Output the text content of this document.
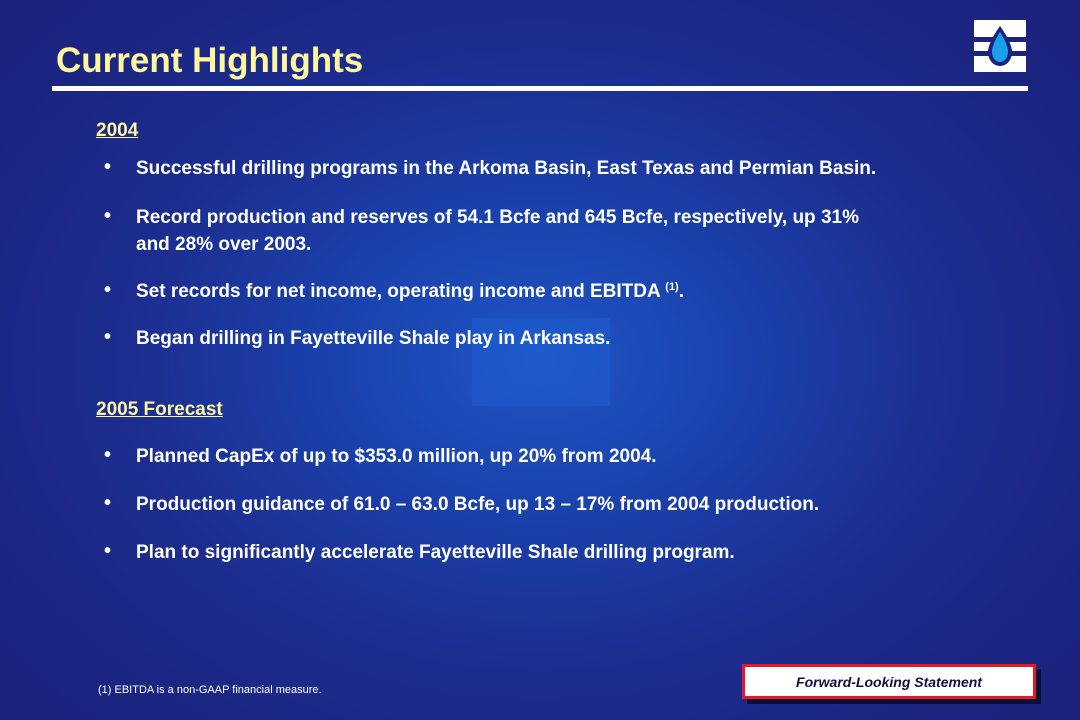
Current Highlights
2004
• Successful drilling programs in the Arkoma Basin, East Texas and Permian Basin.
• Record production and reserves of 54.1 Bcfe and 645 Bcfe, respectively, up 31%
and 28% over 2003.
• Set records for net income, operating income and EBITDA $^{(1)}$.
• Began drilling in Fayetteville Shale play in Arkansas.
2005 Forecast
• Planned CapEx of up to $353.0 million, up 20% from 2004.
• Production guidance of 61.0 – 63.0 Bcfe, up 13 – 17% from 2004 production.
• Plan to significantly accelerate Fayetteville Shale drilling program.
(1) EBITDA is a non-GAAP financial measure.
Forward-Looking Statement
